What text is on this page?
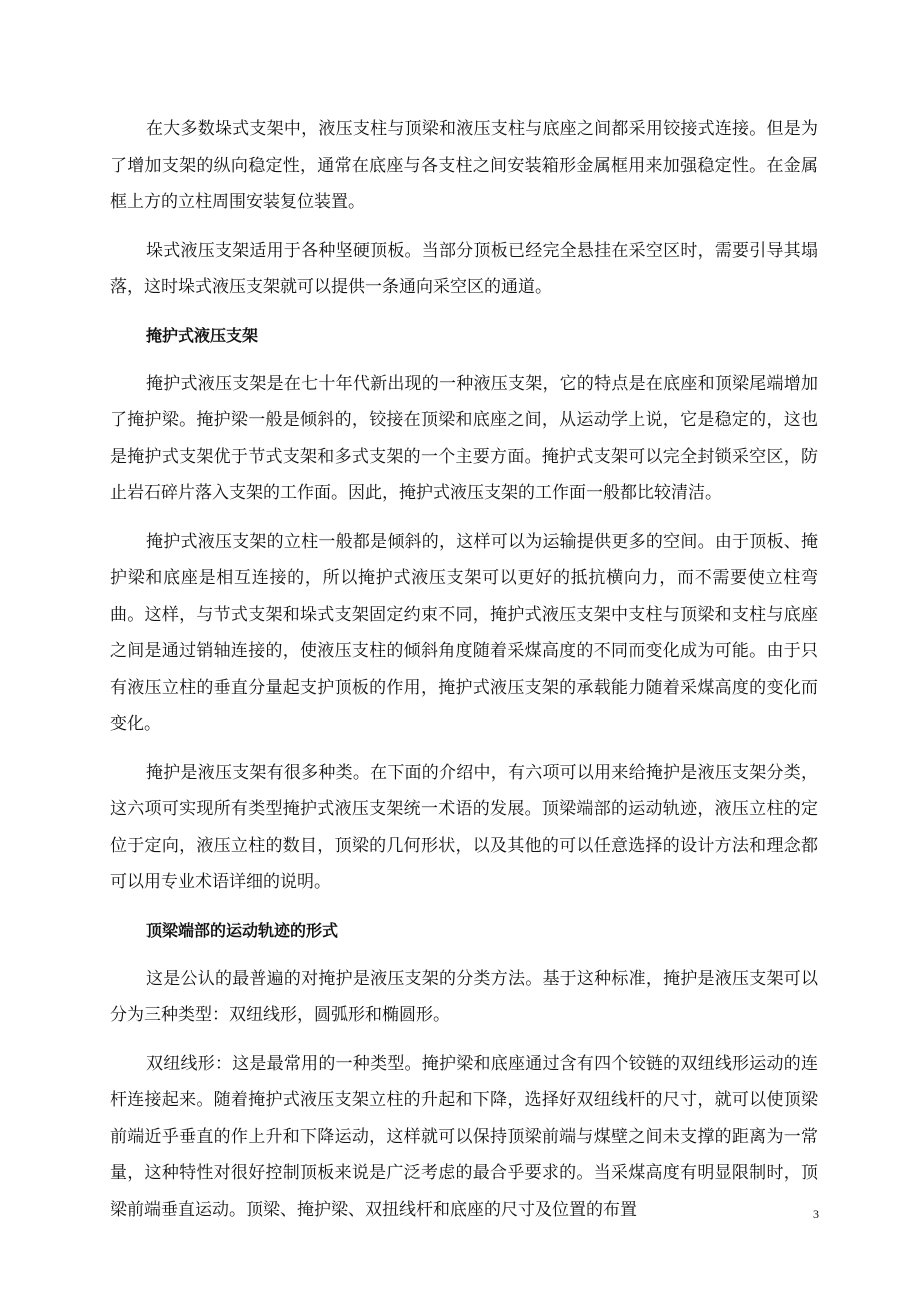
在大多数垛式支架中，液压支柱与顶梁和液压支柱与底座之间都采用铰接式连接。但是为了增加支架的纵向稳定性，通常在底座与各支柱之间安装箱形金属框用来加强稳定性。在金属框上方的立柱周围安装复位装置。

垛式液压支架适用于各种坚硬顶板。当部分顶板已经完全悬挂在采空区时，需要引导其塌落，这时垛式液压支架就可以提供一条通向采空区的通道。

掩护式液压支架

掩护式液压支架是在七十年代新出现的一种液压支架，它的特点是在底座和顶梁尾端增加了掩护梁。掩护梁一般是倾斜的，铰接在顶梁和底座之间，从运动学上说，它是稳定的，这也是掩护式支架优于节式支架和多式支架的一个主要方面。掩护式支架可以完全封锁采空区，防止岩石碎片落入支架的工作面。因此，掩护式液压支架的工作面一般都比较清洁。

掩护式液压支架的立柱一般都是倾斜的，这样可以为运输提供更多的空间。由于顶板、掩护梁和底座是相互连接的，所以掩护式液压支架可以更好的抵抗横向力，而不需要使立柱弯曲。这样，与节式支架和垛式支架固定约束不同，掩护式液压支架中支柱与顶梁和支柱与底座之间是通过销轴连接的，使液压支柱的倾斜角度随着采煤高度的不同而变化成为可能。由于只有液压立柱的垂直分量起支护顶板的作用，掩护式液压支架的承载能力随着采煤高度的变化而变化。

掩护是液压支架有很多种类。在下面的介绍中，有六项可以用来给掩护是液压支架分类，这六项可实现所有类型掩护式液压支架统一术语的发展。顶梁端部的运动轨迹，液压立柱的定位于定向，液压立柱的数目，顶梁的几何形状，以及其他的可以任意选择的设计方法和理念都可以用专业术语详细的说明。

顶梁端部的运动轨迹的形式

这是公认的最普遍的对掩护是液压支架的分类方法。基于这种标准，掩护是液压支架可以分为三种类型：双纽线形，圆弧形和椭圆形。

双纽线形：这是最常用的一种类型。掩护梁和底座通过含有四个铰链的双纽线形运动的连杆连接起来。随着掩护式液压支架立柱的升起和下降，选择好双纽线杆的尺寸，就可以使顶梁前端近乎垂直的作上升和下降运动，这样就可以保持顶梁前端与煤壁之间未支撑的距离为一常量，这种特性对很好控制顶板来说是广泛考虑的最合乎要求的。当采煤高度有明显限制时，顶梁前端垂直运动。顶梁、掩护梁、双扭线杆和底座的尺寸及位置的布置	3
